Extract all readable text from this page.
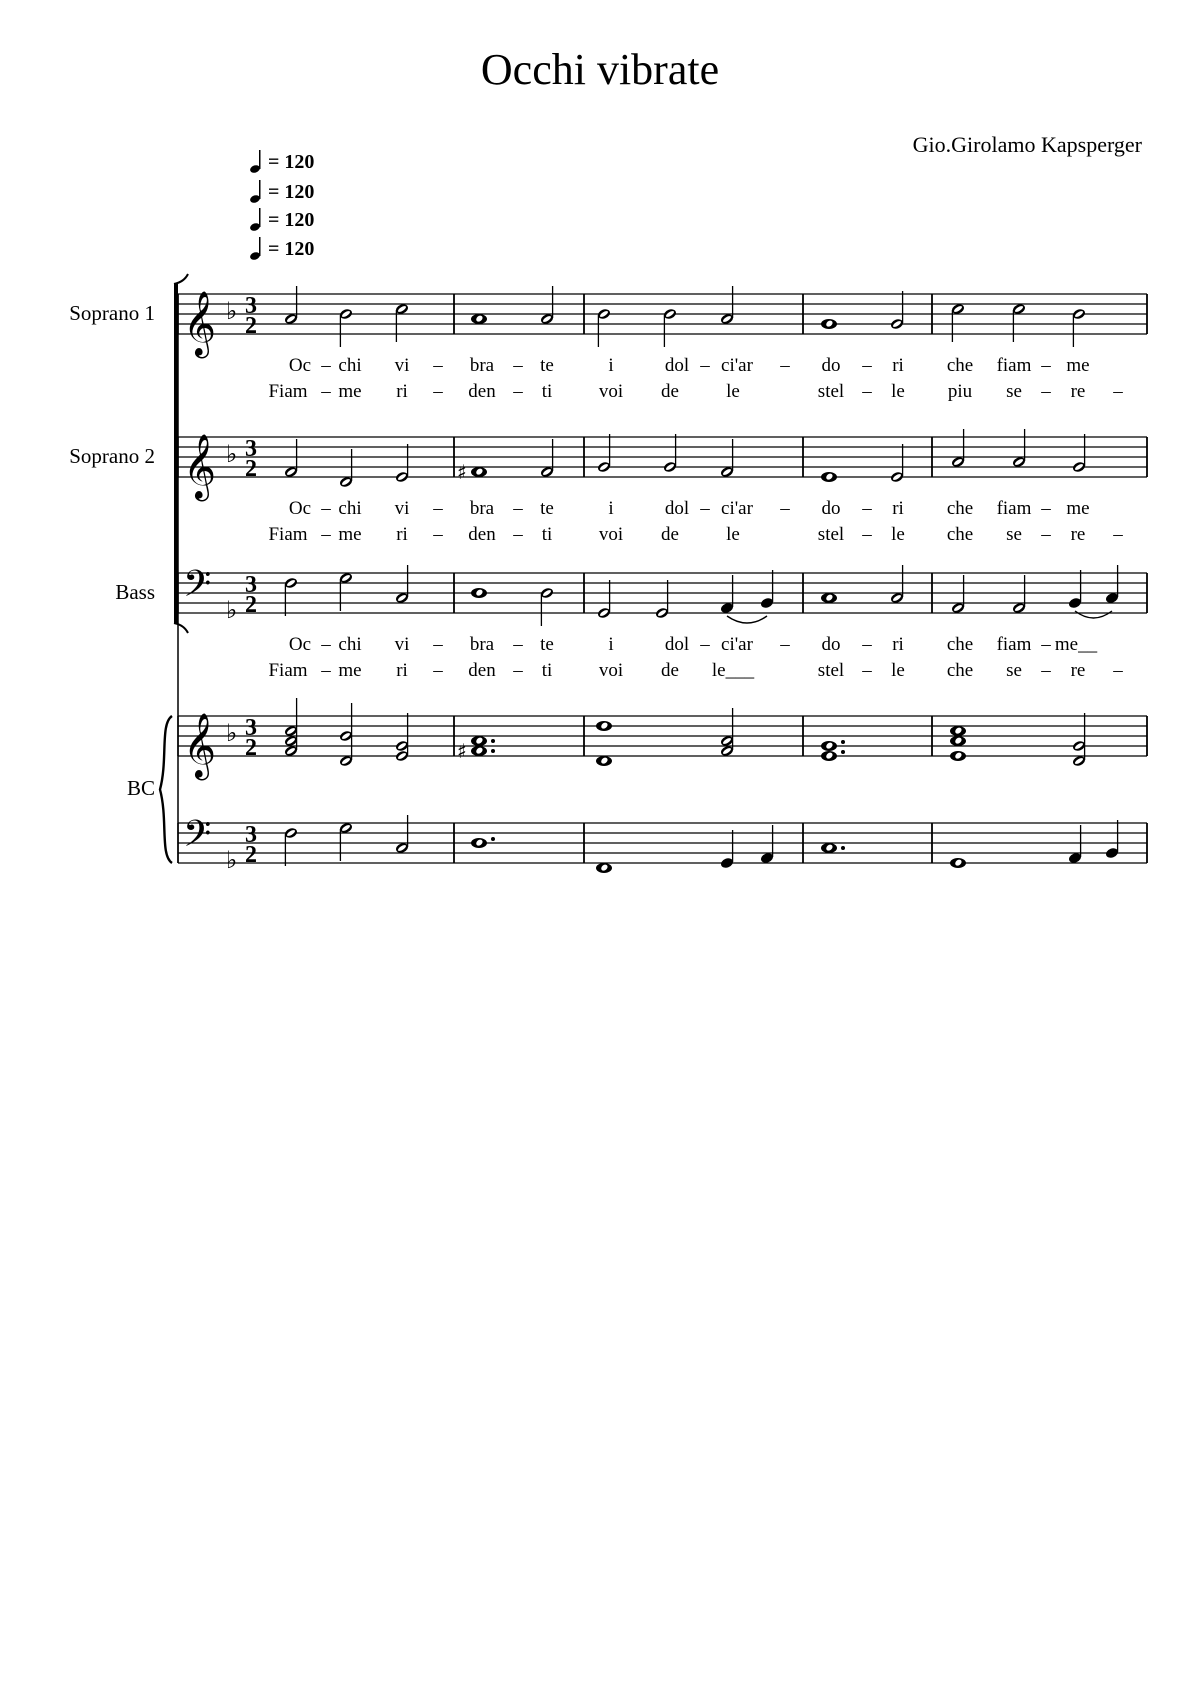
Occhi vibrate
Gio.Girolamo Kapsperger
= 120
= 120
= 120
= 120
Soprano 1
Soprano 2
Bass
BC
𝄞 ♭ 3
2
Oc – chi vi – bra – te	i	dol – ci'ar – do – ri che fiam – me
Fiam – me ri – den – ti voi de le	stel – le piu se – re –
𝄞 ♭ 3
2	♯
Oc – chi vi – bra – te	i	dol – ci'ar – do – ri che fiam – me
Fiam – me ri – den – ti voi de le	stel – le che se – re –
𝄢 ♭
3
2
Oc – chi vi – bra – te	i	dol – ci'ar – do – ri che fiam – me__
Fiam – me ri – den – ti voi de le___	stel – le che se – re –
𝄞 ♭ 3
2	♯
𝄢 ♭
3
2
